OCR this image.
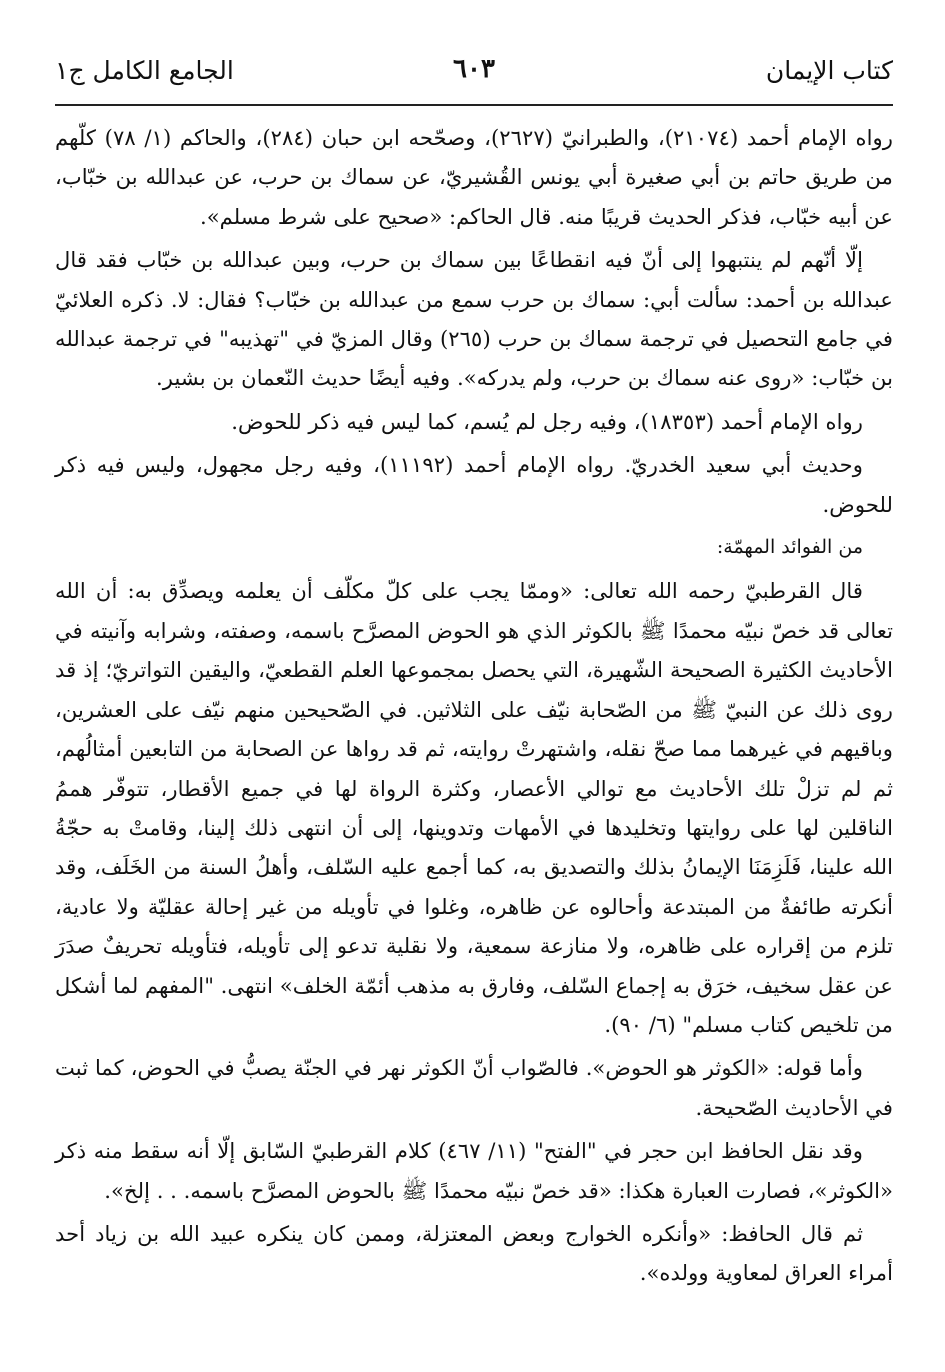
كتاب الإيمان
٦٠٣
الجامع الكامل ج١

رواه الإمام أحمد (٢١٠٧٤)، والطبرانيّ (٢٦٢٧)، وصحّحه ابن حبان (٢٨٤)، والحاكم (١/ ٧٨) كلّهم من طريق حاتم بن أبي صغيرة أبي يونس القُشيريّ، عن سماك بن حرب، عن عبدالله بن خبّاب، عن أبيه خبّاب، فذكر الحديث قريبًا منه. قال الحاكم: «صحيح على شرط مسلم».

إلّا أنّهم لم ينتبهوا إلى أنّ فيه انقطاعًا بين سماك بن حرب، وبين عبدالله بن خبّاب فقد قال عبدالله بن أحمد: سألت أبي: سماك بن حرب سمع من عبدالله بن خبّاب؟ فقال: لا. ذكره العلائيّ في جامع التحصيل في ترجمة سماك بن حرب (٢٦٥) وقال المزيّ في "تهذيبه" في ترجمة عبدالله بن خبّاب: «روى عنه سماك بن حرب، ولم يدركه». وفيه أيضًا حديث النّعمان بن بشير.

رواه الإمام أحمد (١٨٣٥٣)، وفيه رجل لم يُسم، كما ليس فيه ذكر للحوض.

وحديث أبي سعيد الخدريّ. رواه الإمام أحمد (١١١٩٢)، وفيه رجل مجهول، وليس فيه ذكر للحوض.

من الفوائد المهمّة:

قال القرطبيّ رحمه الله تعالى: «وممّا يجب على كلّ مكلّف أن يعلمه ويصدِّق به: أن الله تعالى قد خصّ نبيّه محمدًا ﷺ بالكوثر الذي هو الحوض المصرَّح باسمه، وصفته، وشرابه وآنيته في الأحاديث الكثيرة الصحيحة الشّهيرة، التي يحصل بمجموعها العلم القطعيّ، واليقين التواتريّ؛ إذ قد روى ذلك عن النبيّ ﷺ من الصّحابة نيّف على الثلاثين. في الصّحيحين منهم نيّف على العشرين، وباقيهم في غيرهما مما صحّ نقله، واشتهرتْ روايته، ثم قد رواها عن الصحابة من التابعين أمثالُهم، ثم لم تزلْ تلك الأحاديث مع توالي الأعصار، وكثرة الرواة لها في جميع الأقطار، تتوفّر هممُ الناقلين لها على روايتها وتخليدها في الأمهات وتدوينها، إلى أن انتهى ذلك إلينا، وقامتْ به حجّةُ الله علينا، فَلَزِمَنَا الإيمانُ بذلك والتصديق به، كما أجمع عليه السّلف، وأهلُ السنة من الخَلَف، وقد أنكرته طائفةٌ من المبتدعة وأحالوه عن ظاهره، وغلوا في تأويله من غير إحالة عقليّة ولا عادية، تلزم من إقراره على ظاهره، ولا منازعة سمعية، ولا نقلية تدعو إلى تأويله، فتأويله تحريفٌ صدَرَ عن عقل سخيف، خرَق به إجماع السّلف، وفارق به مذهب أئمّة الخلف» انتهى. "المفهم لما أشكل من تلخيص كتاب مسلم" (٦/ ٩٠).

وأما قوله: «الكوثر هو الحوض». فالصّواب أنّ الكوثر نهر في الجنّة يصبُّ في الحوض، كما ثبت في الأحاديث الصّحيحة.

وقد نقل الحافظ ابن حجر في "الفتح" (١١/ ٤٦٧) كلام القرطبيّ السّابق إلّا أنه سقط منه ذكر «الكوثر»، فصارت العبارة هكذا: «قد خصّ نبيّه محمدًا ﷺ بالحوض المصرَّح باسمه. . . إلخ».

ثم قال الحافظ: «وأنكره الخوارج وبعض المعتزلة، وممن كان ينكره عبيد الله بن زياد أحد أمراء العراق لمعاوية وولده».
